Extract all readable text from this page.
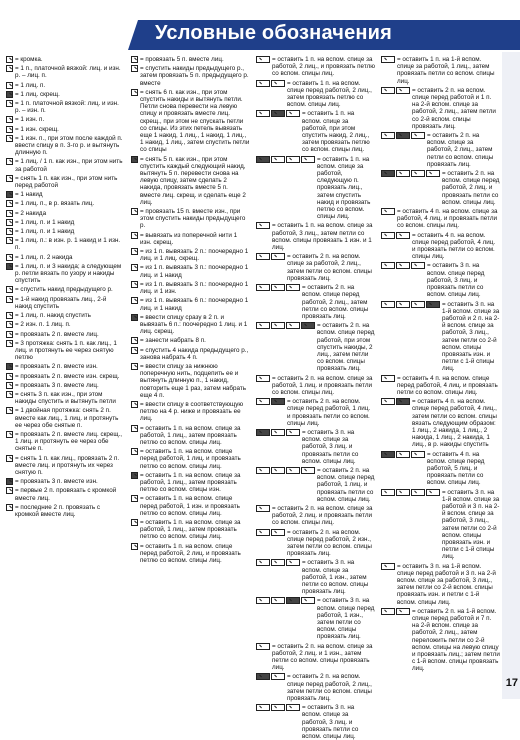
Условные обозначения
17
= кромка.
= 1 п., платочной вязкой: лиц. и изн. р. – лиц. п.
= 1 лиц. п.
= 1 лиц. скрещ.
= 1 п. платочной вязкой: лиц. и изн. р. – изн. п.
= 1 изн. п.
= 1 изн. скрещ.
= 1 изн. п., при этом после каждой п. ввести спицу в п. 3-го р. и вытянуть длинную п.
= 1 лиц. / 1 п. как изн., при этом нить за работой
= снять 1 п. как изн., при этом нить перед работой
= 1 накид
= 1 лиц. п., в р. вязать лиц.
= 2 накида
= 1 лиц. п. и 1 накид
= 1 лиц. п. и 1 накид
= 1 лиц. п.: в изн. р. 1 накид и 1 изн. п.
= 1 лиц. п. 2 накида
= 1 лиц. п. и 3 накида; а следующем р. петли вязать по узору и накиды спустить
= спустить накид предыдущего р.
= 1-й накид провязать лиц., 2-й накид спустить
= 1 лиц. п. накид спустить
= 2 изн. п. 1 лиц. п.
= провязать 2 п. вместе лиц.
= 3 протяжка: снять 1 п. как лиц., 1 лиц. и протянуть ее через снятую петлю
= провязать 2 п. вместе изн.
= провязать 2 п. вместе изн. скрещ.
= провязать 3 п. вместе лиц.
= снять 3 п. как изн., при этом накиды спустить и вытянуть петли
= 1 двойная протяжка: снять 2 п. вместе как лиц., 1 лиц. и протянуть ее через обе снятые п.
= провязать 2 п. вместе лиц. скрещ., 1 лиц. и протянуть ее через обе снятые п.
= снять 1 п. как лиц., провязать 2 п. вместе лиц. и протянуть их через снятую п.
= провязать 3 п. вместе изн.
= первые 2 п. провязать с кромкой вместе лиц.
= последние 2 п. провязать с кромкой вместе лиц.
= провязать 5 п. вместе лиц.
= спустить накиды предыдущего р., затем провязать 5 п. предыдущего р. вместе
= снять 6 п. как изн., при этом спустить накиды и вытянуть петли. Петли снова перевести на левую спицу и провязать вместе лиц. скрещ., при этом не спускать петли со спицы. Из этих петель вывязать еще 1 накид, 1 лиц., 1 накид, 1 лиц., 1 накид, 1 лиц., затем спустить петли со спицы
= снять 5 п. как изн., при этом спустить каждый следующий накид, вытянуть 5 п. перевести снова на левую спицу, затем сделать 2 накида, провязать вместе 5 п. вместе лиц. скрещ. и сделать еще 2 лиц.
= провязать 15 п. вместе изн., при этом спустить накиды предыдущего р.
= вывязать из поперечной нити 1 изн. скрещ.
= из 1 п. вывязать 2 п.: поочередно 1 лиц. и 1 лиц. скрещ.
= из 1 п. вывязать 3 п.: поочередно 1 лиц. и 1 накид
= из 1 п. вывязать 3 п.: поочередно 1 лиц. и 1 изн.
= из 1 п. вывязать 6 п.: поочередно 1 лиц. и 1 накид
= ввести спицу сразу в 2 п. и вывязать 6 п.: поочередно 1 лиц. и 1 лиц. скрещ.
= занести набрать 8 п.
= спустить 4 накида предыдущего р., занова набрать 4 п.
= ввести спицу за нижнюю поперечную нить, подцепить ее и вытянуть длинную п., 1 накид, повторить еще 1 раз, затем набрать еще 4 п.
= ввести спицу в соответствующую петлю на 4 р. ниже и провязать ее лиц.
= оставить 1 п. на вспом. спице за работой, 1 лиц., затем провязать петлю со вспом. спицы лиц.
= оставить 1 п. на вспом. спице перед работой, 1 лиц. и провязать петлю со вспом. спицы лиц.
= оставить 1 п. на вспом. спице за работой, 1 лиц., затем провязать петлю со вспом. спицы изн.
= оставить 1 п. на вспом. спице перед работой, 1 изн. и провязать петлю со вспом. спицы лиц.
= оставить 1 п. на вспом. спице за работой, 1 лиц., затем провязать петлю со вспом. спицы лиц.
= оставить 1 п. на вспом. спице перед работой, 2 лиц. и провязать петлю со вспом. спицы лиц.
= оставить 1 п. на вспом. спице за работой, 2 лиц., и провязать петлю со вспом. спицы лиц.
= оставить 1 п. на вспом. спице перед работой, 2 лиц., затем провязать петлю со вспом. спицы лиц.
= оставить 1 п. на вспом. спице за работой, при этом спустить накид, 2 лиц., затем провязать петлю со вспом. спицы лиц.
= оставить 1 п. на вспом. спице за работой, следующую п. провязать лиц., затем спустить накид и провязать петлю со вспом. спицы лиц.
= оставить 1 п. на вспом. спице за работой, 3 лиц., затем петли со вспом. спицы провязать 1 изн. и 1 лиц.
= оставить 2 п. на вспом. спице за работой, 2 лиц., затем петли со вспом. спицы провязать лиц.
= оставить 2 п. на вспом. спице перед работой, 2 лиц., затем петли со вспом. спицы провязать лиц.
= оставить 2 п. на вспом. спице перед работой, при этом спустить накиды, 2 лиц., затем петли со вспом. спицы провязать лиц.
= оставить 2 п. на вспом. спице за работой, 1 лиц. и провязать петли со вспом. спицы лиц.
= оставить 2 п. на вспом. спице перед работой, 1 лиц. и провязать петли со вспом. спицы лиц.
= оставить 3 п. на вспом. спице за работой, 3 лиц. и провязать петли со вспом. спицы лиц.
= оставить 2 п. на вспом. спице перед работой, 1 лиц. и провязать петли со вспом. спицы лиц.
= оставить 2 п. на вспом. спице за работой, 2 лиц. и провязать петли со вспом. спицы лиц.
= оставить 2 п. на вспом. спице перед работой, 2 изн., затем петли со вспом. спицы провязать лиц.
= оставить 3 п. на вспом. спице за работой, 1 изн., затем петли со вспом. спицы провязать лиц.
= оставить 3 п. на вспом. спице перед работой, 1 изн., затем петли со вспом. спицы провязать лиц.
= оставить 2 п. на вспом. спице за работой, 2 лиц. и 1 изн., затем петли со вспом. спицы провязать лиц.
= оставить 2 п. на вспом. спице перед работой, 2 лиц., затем петли со вспом. спицы провязать лиц.
= оставить 3 п. на вспом. спице за работой, 3 лиц. и провязать петли со вспом. спицы лиц.
= оставить 1 п. на 1-й вспом. спице за работой, 1 лиц., затем провязать петли со вспом. спицы лиц.
= оставить 2 п. на вспом. спице перед работой и 1 п. на 2-й вспом. спице за работой, 2 лиц., затем петли со 2-й вспом. спицы провязать лиц.
= оставить 2 п. на вспом. спице за работой, 2 лиц., затем петли со вспом. спицы провязать лиц.
= оставить 2 п. на вспом. спице перед работой, 2 лиц. и провязать петли со вспом. спицы лиц.
= оставить 4 п. на вспом. спице за работой, 4 лиц. и провязать петли со вспом. спицы лиц.
= оставить 4 п. на вспом. спице перед работой, 4 лиц. и провязать петли со вспом. спицы лиц.
= оставить 3 п. на вспом. спице перед работой, 3 лиц. и провязать петли со вспом. спицы лиц.
= оставить 3 п. на 1-й вспом. спице за работой и 2 п. на 2-й вспом. спице за работой, 3 лиц., затем петли со 2-й вспом. спицы провязать изн. и петли с 1-й спицы лиц.
= оставить 4 п. на вспом. спице перед работой, 4 лиц. и провязать петли со вспом. спицы лиц.
= оставить 4 п. на вспом. спице перед работой, 4 лиц., затем петли со вспом. спицы вязать следующим образом: 1 лиц., 2 накида, 1 лиц., 2 накида, 1 лиц., 2 накида, 1 лиц., в р. накиды спустить
= оставить 4 п. на вспом. спице перед работой, 5 лиц. и провязать петли со вспом. спицы лиц.
= оставить 3 п. на 1-й вспом. спице за работой и 3 п. на 2-й вспом. спице за работой, 3 лиц., затем петли со 2-й вспом. спицы провязать изн. и петли с 1-й спицы лиц.
= оставить 3 п. на 1-й вспом. спице перед работой и 3 п. на 2-й вспом. спице за работой, 3 лиц., затем петли со 2-й вспом. спицы провязать изн. и петли с 1-й вспом. спицы лиц.
= оставить 2 п. на 1-й вспом. спице перед работой и 7 п. на 2-й вспом. спице за работой, 2 лиц., затем переложить петли со 2-й вспом. спицы на левую спицу и провязать лиц.; затем петли с 1-й вспом. спицы провязать лиц.
